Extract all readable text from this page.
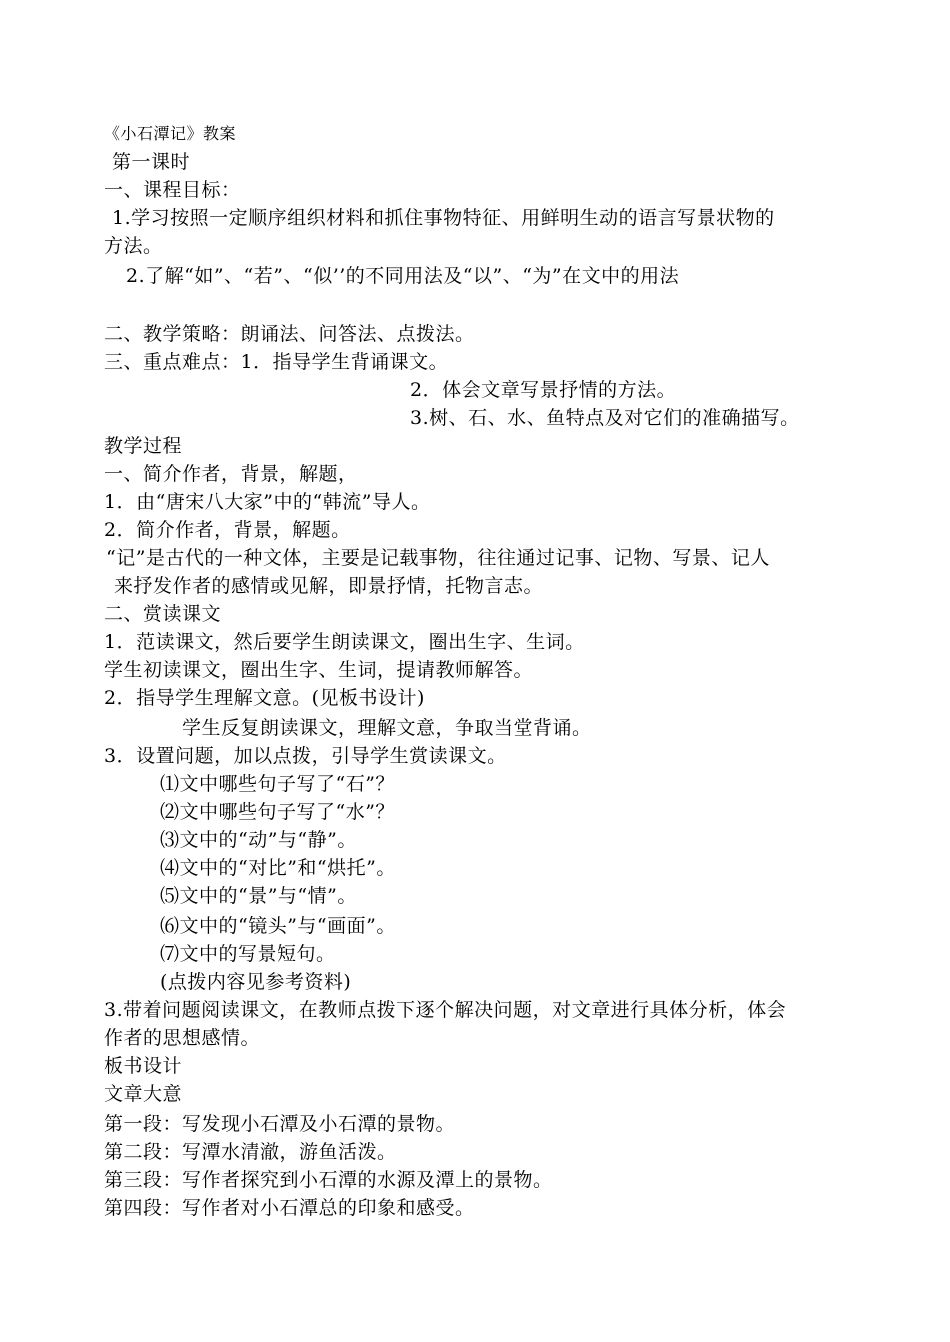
《小石潭记》教案
第一课时
一、课程目标：
1.学习按照一定顺序组织材料和抓住事物特征、用鲜明生动的语言写景状物的
方法。
2.了解“如”、“若”、“似’’的不同用法及“以”、“为”在文中的用法
二、教学策略：朗诵法、问答法、点拨法。
三、重点难点：1．指导学生背诵课文。
2．体会文章写景抒情的方法。
3.树、石、水、鱼特点及对它们的准确描写。
教学过程
一、简介作者，背景，解题，
1．由“唐宋八大家”中的“韩流”导人。
2．简介作者，背景，解题。
“记”是古代的一种文体，主要是记载事物，往往通过记事、记物、写景、记人
来抒发作者的感情或见解，即景抒情，托物言志。
二、赏读课文
1．范读课文，然后要学生朗读课文，圈出生字、生词。
学生初读课文，圈出生字、生词，提请教师解答。
2．指导学生理解文意。(见板书设计)
学生反复朗读课文，理解文意，争取当堂背诵。
3．设置问题，加以点拨，引导学生赏读课文。
⑴文中哪些句子写了“石”？
⑵文中哪些句子写了“水”？
⑶文中的“动”与“静”。
⑷文中的“对比”和“烘托”。
⑸文中的“景”与“情”。
⑹文中的“镜头”与“画面”。
⑺文中的写景短句。
(点拨内容见参考资料)
3.带着问题阅读课文，在教师点拨下逐个解决问题，对文章进行具体分析，体会
作者的思想感情。
板书设计
文章大意
第一段：写发现小石潭及小石潭的景物。
第二段：写潭水清澈，游鱼活泼。
第三段：写作者探究到小石潭的水源及潭上的景物。
第四段：写作者对小石潭总的印象和感受。
